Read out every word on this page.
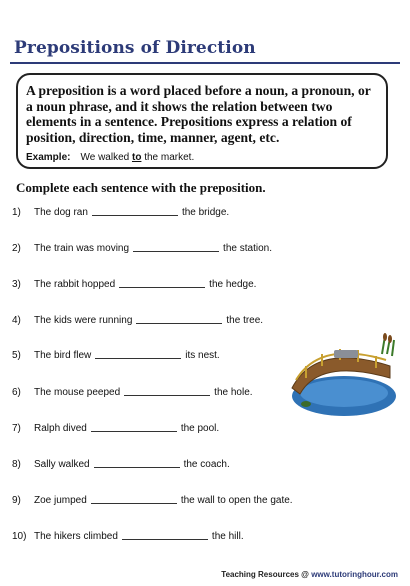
Prepositions of Direction
A preposition is a word placed before a noun, a pronoun, or a noun phrase, and it shows the relation between two elements in a sentence. Prepositions express a relation of position, direction, time, manner, agent, etc.
Example: We walked to the market.
Complete each sentence with the preposition.
1)	The dog ran	the bridge.
2)	The train was moving	the station.
3)	The rabbit hopped	the hedge.
4)	The kids were running	the tree.
5)	The bird flew	its nest.
6)	The mouse peeped	the hole.
7)	Ralph dived	the pool.
8)	Sally walked	the coach.
9)	Zoe jumped	the wall to open the gate.
10) The hikers climbed	the hill.
Teaching Resources @ www.tutoringhour.com
